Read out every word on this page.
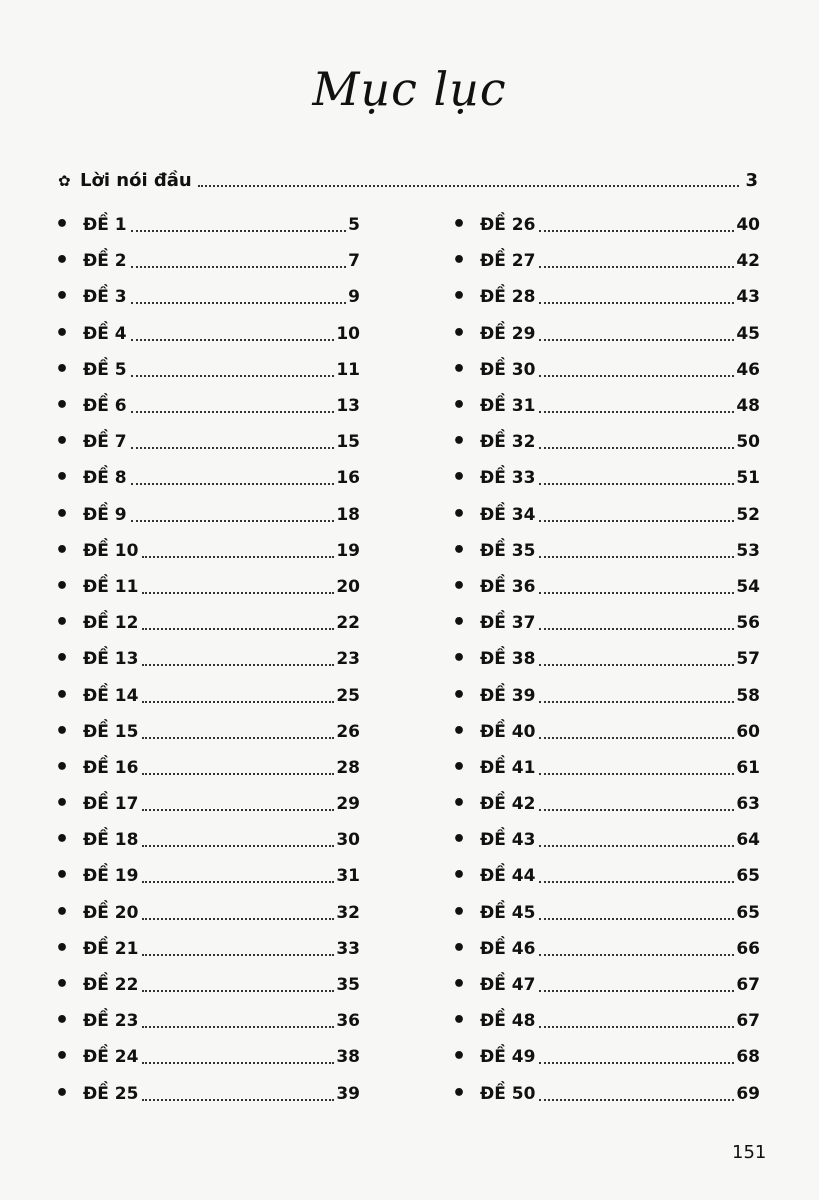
Mục lục
✿ Lời nói đầu	3
• ĐỀ 1	5
• ĐỀ 2	7
• ĐỀ 3	9
• ĐỀ 4	10
• ĐỀ 5	11
• ĐỀ 6	13
• ĐỀ 7	15
• ĐỀ 8	16
• ĐỀ 9	18
• ĐỀ 10	19
• ĐỀ 11	20
• ĐỀ 12	22
• ĐỀ 13	23
• ĐỀ 14	25
• ĐỀ 15	26
• ĐỀ 16	28
• ĐỀ 17	29
• ĐỀ 18	30
• ĐỀ 19	31
• ĐỀ 20	32
• ĐỀ 21	33
• ĐỀ 22	35
• ĐỀ 23	36
• ĐỀ 24	38
• ĐỀ 25	39
• ĐỀ 26	40
• ĐỀ 27	42
• ĐỀ 28	43
• ĐỀ 29	45
• ĐỀ 30	46
• ĐỀ 31	48
• ĐỀ 32	50
• ĐỀ 33	51
• ĐỀ 34	52
• ĐỀ 35	53
• ĐỀ 36	54
• ĐỀ 37	56
• ĐỀ 38	57
• ĐỀ 39	58
• ĐỀ 40	60
• ĐỀ 41	61
• ĐỀ 42	63
• ĐỀ 43	64
• ĐỀ 44	65
• ĐỀ 45	65
• ĐỀ 46	66
• ĐỀ 47	67
• ĐỀ 48	67
• ĐỀ 49	68
• ĐỀ 50	69
151
